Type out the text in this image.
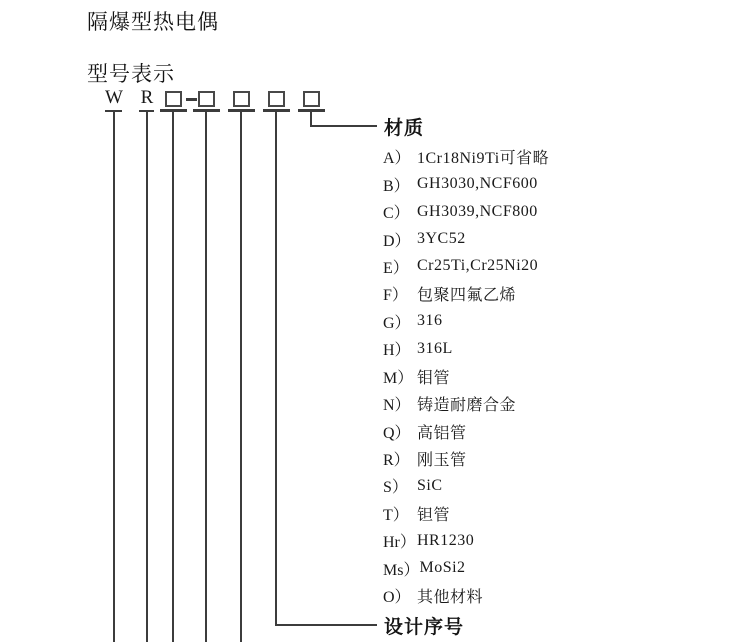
隔爆型热电偶
型号表示
W R
材质
设计序号
A） 1Cr18Ni9Ti可省略
B） GH3030,NCF600
C） GH3039,NCF800
D） 3YC52
E） Cr25Ti,Cr25Ni20
F） 包聚四氟乙烯
G） 316
H） 316L
M） 钼管
N） 铸造耐磨合金
Q） 高铝管
R） 刚玉管
S） SiC
T） 钽管
Hr） HR1230
Ms） MoSi2
O） 其他材料
